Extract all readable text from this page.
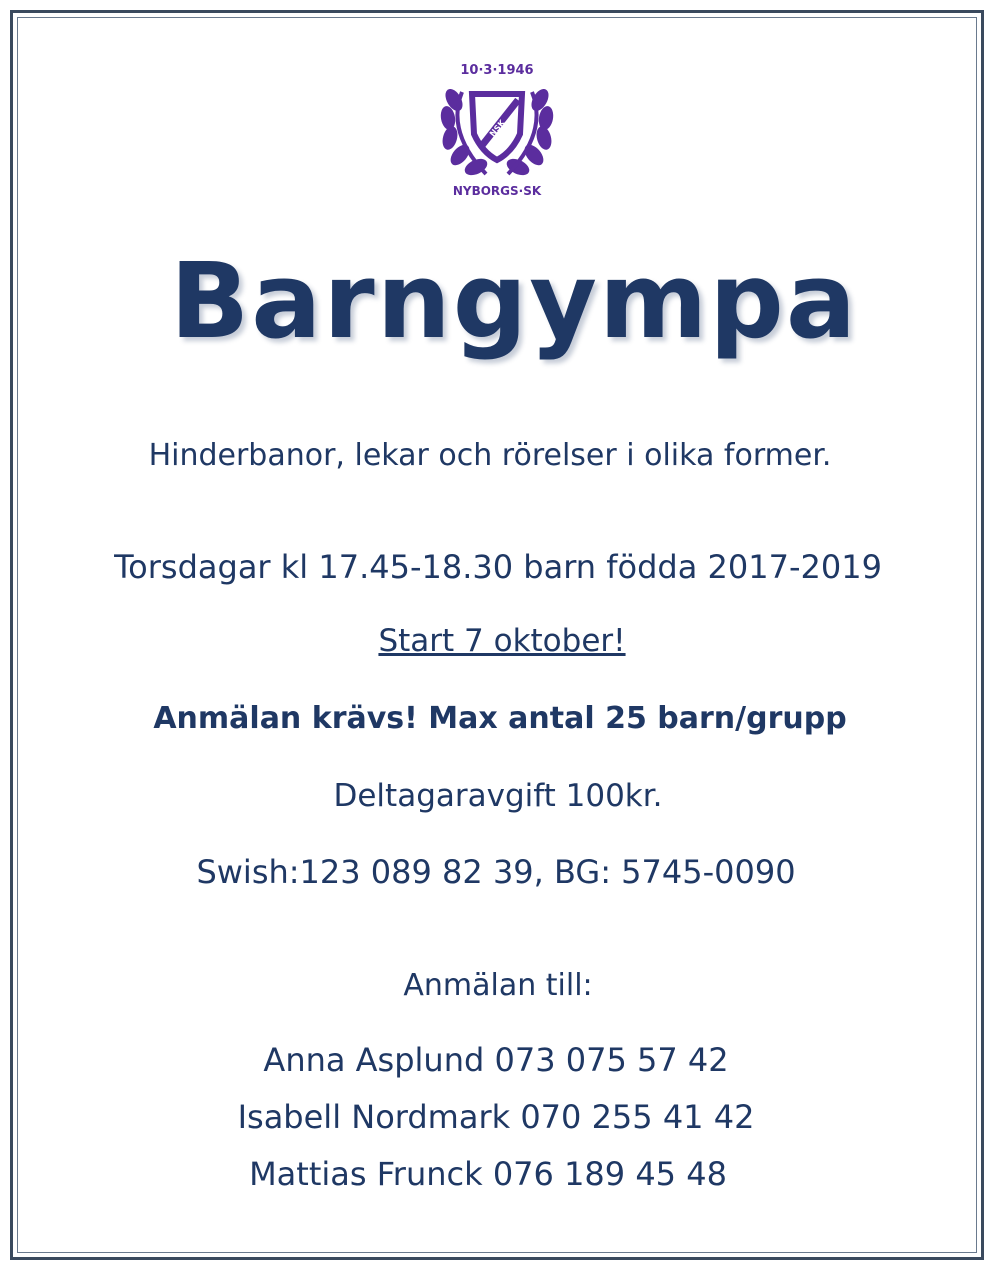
10·3·1946
NSK
NYBORGS·SK
Barngympa
Hinderbanor, lekar och rörelser i olika former.
Torsdagar kl 17.45-18.30 barn födda 2017-2019
Start 7 oktober!
Anmälan krävs! Max antal 25 barn/grupp
Deltagaravgift 100kr.
Swish:123 089 82 39, BG: 5745-0090
Anmälan till:
Anna Asplund 073 075 57 42
Isabell Nordmark 070 255 41 42
Mattias Frunck 076 189 45 48
